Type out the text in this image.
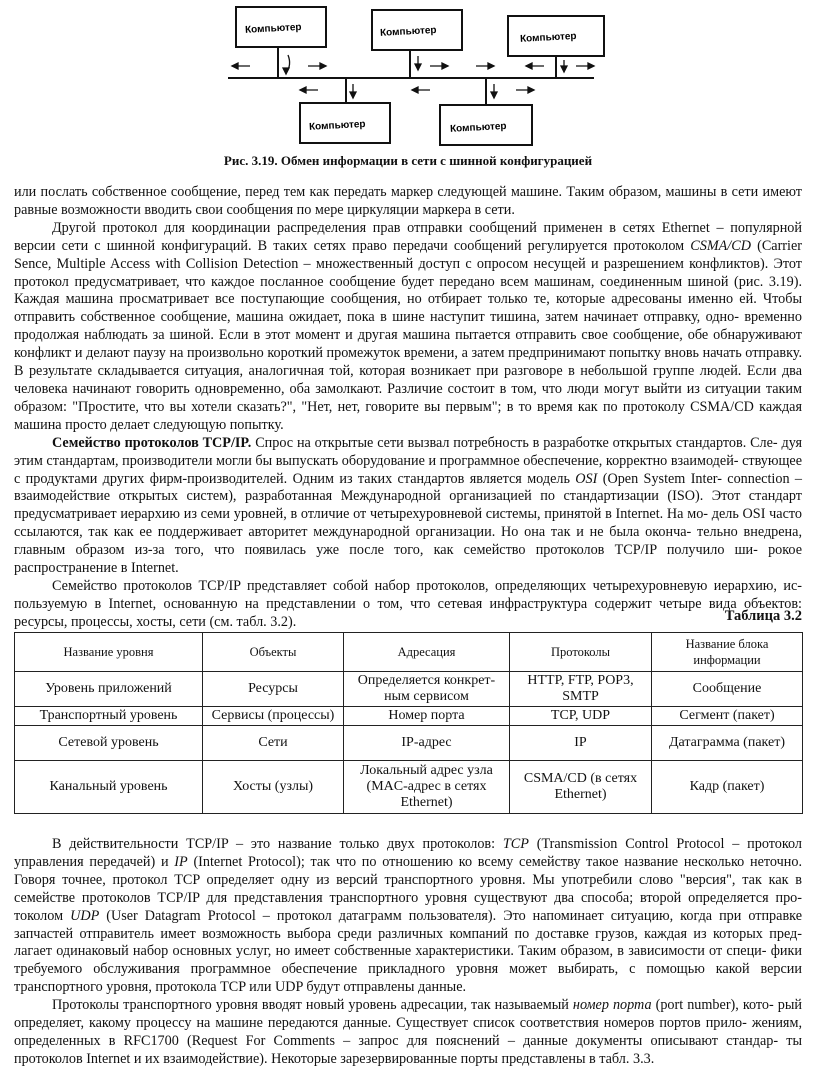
Компьютер	Компьютер	Компьютер
Компьютер	Компьютер
Рис. 3.19. Обмен информации в сети с шинной конфигурацией

или послать собственное сообщение, перед тем как передать маркер следующей машине. Таким образом, машины в сети имеют равные возможности вводить свои сообщения по мере циркуляции маркера в сети.

Другой протокол для координации распределения прав отправки сообщений применен в сетях Ethernet – популярной версии сети с шинной конфигураций. В таких сетях право передачи сообщений регулируется протоколом CSMA/CD (Carrier Sence, Multiple Access with Collision Detection – множественный доступ с опросом несущей и разрешением конфликтов). Этот протокол предусматривает, что каждое посланное сообщение будет передано всем машинам, соединенным шиной (рис. 3.19). Каждая машина просматривает все поступающие сообщения, но отбирает только те, которые адресованы именно ей. Чтобы отправить собственное сообщение, машина ожидает, пока в шине наступит тишина, затем начинает отправку, одно- временно продолжая наблюдать за шиной. Если в этот момент и другая машина пытается отправить свое сообщение, обе обнаруживают конфликт и делают паузу на произвольно короткий промежуток времени, а затем предпринимают попытку вновь начать отправку. В результате складывается ситуация, аналогичная той, которая возникает при разговоре в небольшой группе людей. Если два человека начинают говорить одновременно, оба замолкают. Различие состоит в том, что люди могут выйти из ситуации таким образом: "Простите, что вы хотели сказать?", "Нет, нет, говорите вы первым"; в то время как по протоколу CSMA/CD каждая машина просто делает следующую попытку.

Семейство протоколов TCP/IP. Спрос на открытые сети вызвал потребность в разработке открытых стандартов. Сле- дуя этим стандартам, производители могли бы выпускать оборудование и программное обеспечение, корректно взаимодей- ствующее с продуктами других фирм-производителей. Одним из таких стандартов является модель OSI (Open System Inter- connection – взаимодействие открытых систем), разработанная Международной организацией по стандартизации (ISO). Этот стандарт предусматривает иерархию из семи уровней, в отличие от четырехуровневой системы, принятой в Internet. На мо- дель OSI часто ссылаются, так как ее поддерживает авторитет международной организации. Но она так и не была оконча- тельно внедрена, главным образом из-за того, что появилась уже после того, как семейство протоколов TCP/IP получило ши- рокое распространение в Internet.

Семейство протоколов TCP/IP представляет собой набор протоколов, определяющих четырехуровневую иерархию, ис- пользуемую в Internet, основанную на представлении о том, что сетевая инфраструктура содержит четыре вида объектов: ресурсы, процессы, хосты, сети (см. табл. 3.2).	Таблица 3.2
Название уровня	Объекты	Адресация	Протоколы	Название блока информации
Уровень приложений	Ресурсы	Определяется конкрет- ным сервисом	HTTP, FTP, POP3, SMTP	Сообщение
Транспортный уровень	Сервисы (процессы)	Номер порта	TCP, UDP	Сегмент (пакет)
Сетевой уровень	Сети	IP-адрес	IP	Датаграмма (пакет)
Канальный уровень	Хосты (узлы)	Локальный адрес узла (MAC-адрес в сетях Ethernet)	CSMA/CD (в сетях Ethernet)	Кадр (пакет)

В действительности TCP/IP – это название только двух протоколов: TCP (Transmission Control Protocol – протокол управления передачей) и IP (Internet Protocol); так что по отношению ко всему семейству такое название несколько неточно. Говоря точнее, протокол TCP определяет одну из версий транспортного уровня. Мы употребили слово "версия", так как в семействе протоколов TCP/IP для представления транспортного уровня существуют два способа; второй определяется про- токолом UDP (User Datagram Protocol – протокол датаграмм пользователя). Это напоминает ситуацию, когда при отправке запчастей отправитель имеет возможность выбора среди различных компаний по доставке грузов, каждая из которых пред- лагает одинаковый набор основных услуг, но имеет собственные характеристики. Таким образом, в зависимости от специ- фики требуемого обслуживания программное обеспечение прикладного уровня может выбирать, с помощью какой версии транспортного уровня, протокола TCP или UDP будут отправлены данные.

Протоколы транспортного уровня вводят новый уровень адресации, так называемый номер порта (port number), кото- рый определяет, какому процессу на машине передаются данные. Существует список соответствия номеров портов прило- жениям, определенных в RFC1700 (Request For Comments – запрос для пояснений – данные документы описывают стандар- ты протоколов Internet и их взаимодействие). Некоторые зарезервированные порты представлены в табл. 3.3.
